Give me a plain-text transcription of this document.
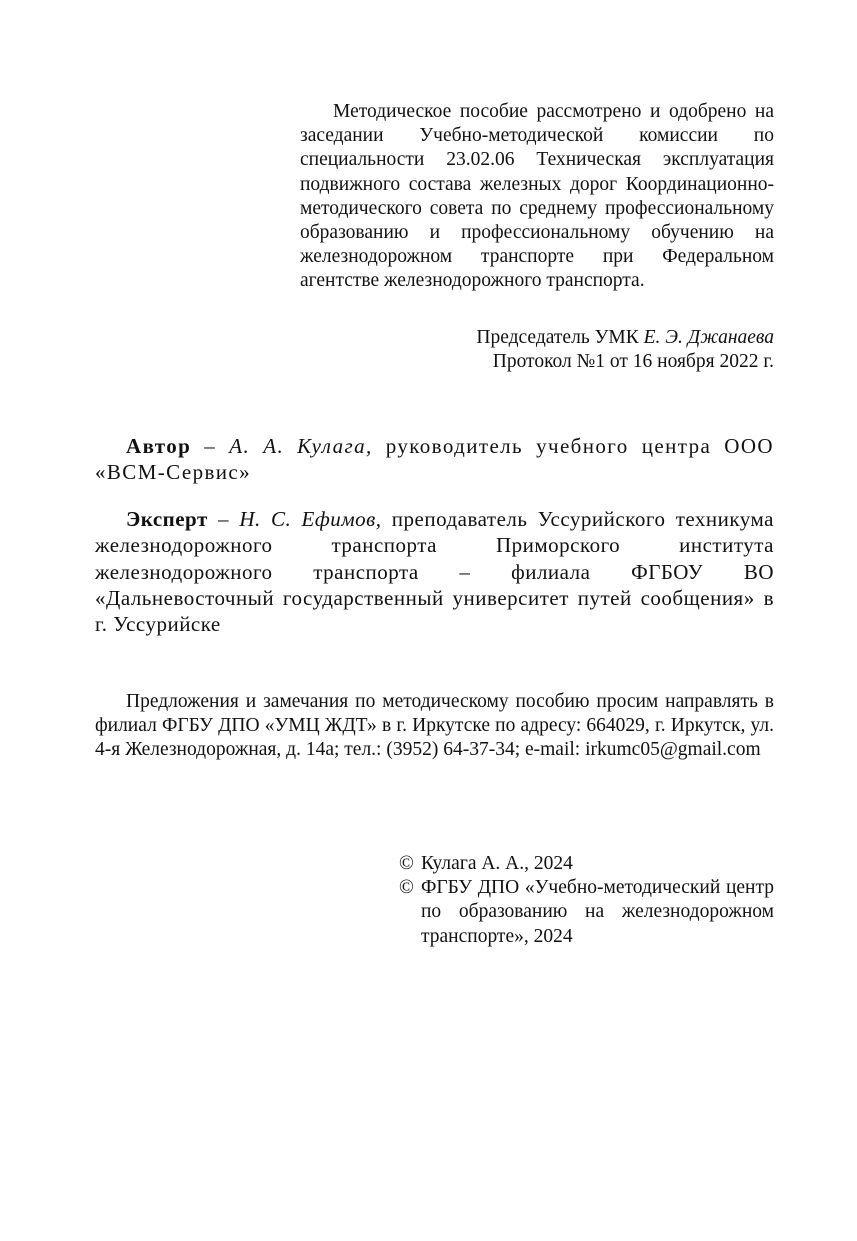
Методическое пособие рассмотрено и одобрено на заседании Учебно-методической комиссии по специальности 23.02.06 Техническая эксплуатация подвижного состава железных дорог Координационно-методического совета по среднему профессиональному образованию и профессиональному обучению на железнодорожном транспорте при Федеральном агентстве железнодорожного транспорта.
Председатель УМК Е. Э. Джанаева
Протокол №1 от 16 ноября 2022 г.
Автор – А. А. Кулага, руководитель учебного центра ООО «ВСМ-Сервис»
Эксперт – Н. С. Ефимов, преподаватель Уссурийского техникума железнодорожного транспорта Приморского института железнодорожного транспорта – филиала ФГБОУ ВО «Дальневосточный государственный университет путей сообщения» в г. Уссурийске
Предложения и замечания по методическому пособию просим направлять в филиал ФГБУ ДПО «УМЦ ЖДТ» в г. Иркутске по адресу: 664029, г. Иркутск, ул. 4-я Железнодорожная, д. 14а; тел.: (3952) 64-37-34; e-mail: irkumc05@gmail.com
© Кулага А. А., 2024
© ФГБУ ДПО «Учебно-методический центр по образованию на железнодорожном транспорте», 2024
